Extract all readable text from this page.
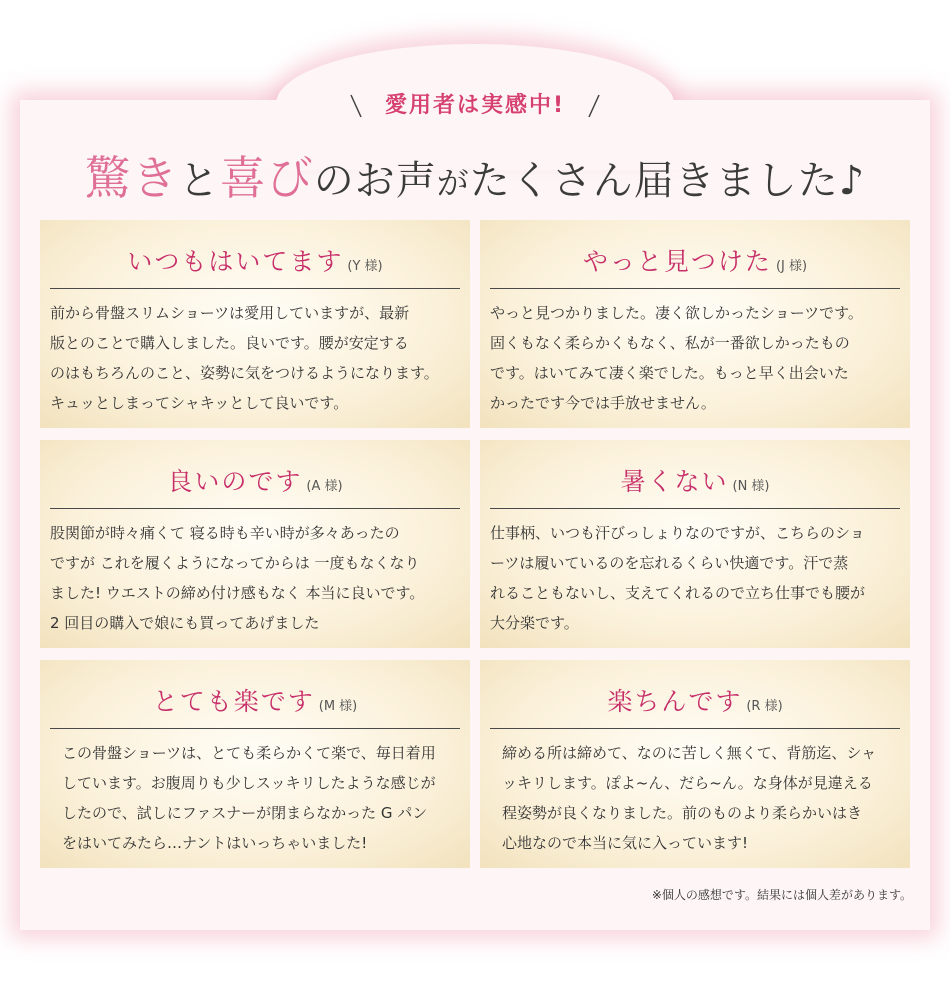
愛用者は実感中!
驚きと喜びのお声がたくさん届きました♪
いつもはいてます (Y 様)
前から骨盤スリムショーツは愛用していますが、最新
版とのことで購入しました。良いです。腰が安定する
のはもちろんのこと、姿勢に気をつけるようになります。
キュッとしまってシャキッとして良いです。
やっと見つけた (J 様)
やっと見つかりました。凄く欲しかったショーツです。
固くもなく柔らかくもなく、私が一番欲しかったもの
です。はいてみて凄く楽でした。もっと早く出会いた
かったです今では手放せません。
良いのです (A 様)
股関節が時々痛くて 寝る時も辛い時が多々あったの
ですが これを履くようになってからは 一度もなくなり
ました! ウエストの締め付け感もなく 本当に良いです。
2 回目の購入で娘にも買ってあげました
暑くない (N 様)
仕事柄、いつも汗びっしょりなのですが、こちらのショ
ーツは履いているのを忘れるくらい快適です。汗で蒸
れることもないし、支えてくれるので立ち仕事でも腰が
大分楽です。
とても楽です (M 様)
この骨盤ショーツは、とても柔らかくて楽で、毎日着用
しています。お腹周りも少しスッキリしたような感じが
したので、試しにファスナーが閉まらなかった G パン
をはいてみたら…ナントはいっちゃいました!
楽ちんです (R 様)
締める所は締めて、なのに苦しく無くて、背筋迄、シャ
ッキリします。ぽよ~ん、だら~ん。な身体が見違える
程姿勢が良くなりました。前のものより柔らかいはき
心地なので本当に気に入っています!
※個人の感想です。結果には個人差があります。
